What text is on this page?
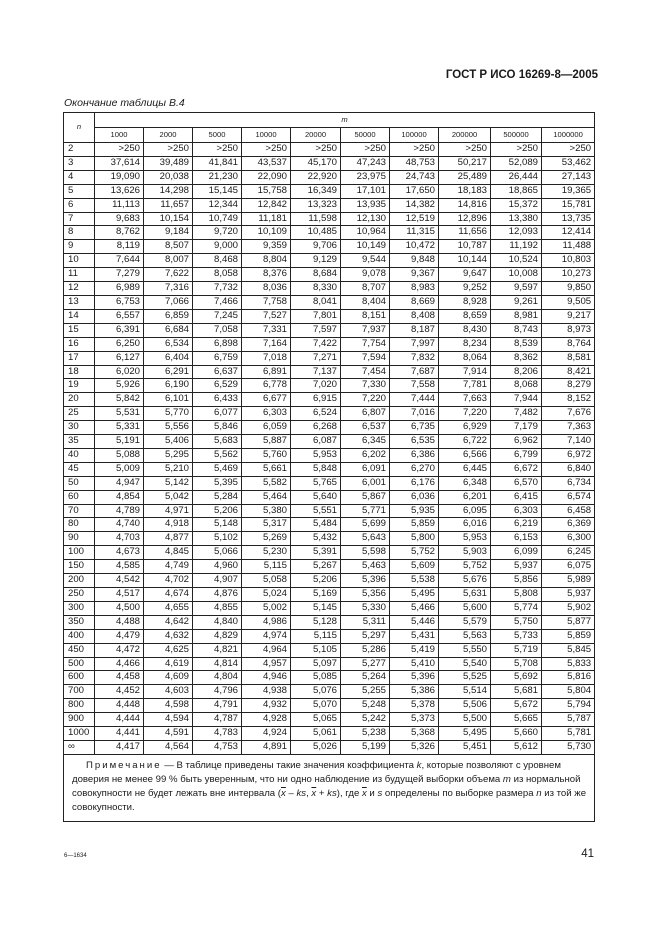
ГОСТ Р ИСО 16269-8—2005
Окончание таблицы В.4
n	m									
	1000	2000	5000	10000	20000	50000	100000	200000	500000	1000000
2	>250	>250	>250	>250	>250	>250	>250	>250	>250	>250
3	37,614	39,489	41,841	43,537	45,170	47,243	48,753	50,217	52,089	53,462
4	19,090	20,038	21,230	22,090	22,920	23,975	24,743	25,489	26,444	27,143
5	13,626	14,298	15,145	15,758	16,349	17,101	17,650	18,183	18,865	19,365
6	11,113	11,657	12,344	12,842	13,323	13,935	14,382	14,816	15,372	15,781
7	9,683	10,154	10,749	11,181	11,598	12,130	12,519	12,896	13,380	13,735
8	8,762	9,184	9,720	10,109	10,485	10,964	11,315	11,656	12,093	12,414
9	8,119	8,507	9,000	9,359	9,706	10,149	10,472	10,787	11,192	11,488
10	7,644	8,007	8,468	8,804	9,129	9,544	9,848	10,144	10,524	10,803
11	7,279	7,622	8,058	8,376	8,684	9,078	9,367	9,647	10,008	10,273
12	6,989	7,316	7,732	8,036	8,330	8,707	8,983	9,252	9,597	9,850
13	6,753	7,066	7,466	7,758	8,041	8,404	8,669	8,928	9,261	9,505
14	6,557	6,859	7,245	7,527	7,801	8,151	8,408	8,659	8,981	9,217
15	6,391	6,684	7,058	7,331	7,597	7,937	8,187	8,430	8,743	8,973
16	6,250	6,534	6,898	7,164	7,422	7,754	7,997	8,234	8,539	8,764
17	6,127	6,404	6,759	7,018	7,271	7,594	7,832	8,064	8,362	8,581
18	6,020	6,291	6,637	6,891	7,137	7,454	7,687	7,914	8,206	8,421
19	5,926	6,190	6,529	6,778	7,020	7,330	7,558	7,781	8,068	8,279
20	5,842	6,101	6,433	6,677	6,915	7,220	7,444	7,663	7,944	8,152
25	5,531	5,770	6,077	6,303	6,524	6,807	7,016	7,220	7,482	7,676
30	5,331	5,556	5,846	6,059	6,268	6,537	6,735	6,929	7,179	7,363
35	5,191	5,406	5,683	5,887	6,087	6,345	6,535	6,722	6,962	7,140
40	5,088	5,295	5,562	5,760	5,953	6,202	6,386	6,566	6,799	6,972
45	5,009	5,210	5,469	5,661	5,848	6,091	6,270	6,445	6,672	6,840
50	4,947	5,142	5,395	5,582	5,765	6,001	6,176	6,348	6,570	6,734
60	4,854	5,042	5,284	5,464	5,640	5,867	6,036	6,201	6,415	6,574
70	4,789	4,971	5,206	5,380	5,551	5,771	5,935	6,095	6,303	6,458
80	4,740	4,918	5,148	5,317	5,484	5,699	5,859	6,016	6,219	6,369
90	4,703	4,877	5,102	5,269	5,432	5,643	5,800	5,953	6,153	6,300
100	4,673	4,845	5,066	5,230	5,391	5,598	5,752	5,903	6,099	6,245
150	4,585	4,749	4,960	5,115	5,267	5,463	5,609	5,752	5,937	6,075
200	4,542	4,702	4,907	5,058	5,206	5,396	5,538	5,676	5,856	5,989
250	4,517	4,674	4,876	5,024	5,169	5,356	5,495	5,631	5,808	5,937
300	4,500	4,655	4,855	5,002	5,145	5,330	5,466	5,600	5,774	5,902
350	4,488	4,642	4,840	4,986	5,128	5,311	5,446	5,579	5,750	5,877
400	4,479	4,632	4,829	4,974	5,115	5,297	5,431	5,563	5,733	5,859
450	4,472	4,625	4,821	4,964	5,105	5,286	5,419	5,550	5,719	5,845
500	4,466	4,619	4,814	4,957	5,097	5,277	5,410	5,540	5,708	5,833
600	4,458	4,609	4,804	4,946	5,085	5,264	5,396	5,525	5,692	5,816
700	4,452	4,603	4,796	4,938	5,076	5,255	5,386	5,514	5,681	5,804
800	4,448	4,598	4,791	4,932	5,070	5,248	5,378	5,506	5,672	5,794
900	4,444	4,594	4,787	4,928	5,065	5,242	5,373	5,500	5,665	5,787
1000	4,441	4,591	4,783	4,924	5,061	5,238	5,368	5,495	5,660	5,781
∞	4,417	4,564	4,753	4,891	5,026	5,199	5,326	5,451	5,612	5,730
Примечание — В таблице приведены такие значения коэффициента k, которые позволяют с уровнем доверия не менее 99 % быть уверенным, что ни одно наблюдение из будущей выборки объема m из нормальной совокупности не будет лежать вне интервала ($\overline{x}$ – ks, $\overline{x} + ks$), где $\overline{x}$ и s определены по выборке размера n из той же совокупности.										
6—1634	41
